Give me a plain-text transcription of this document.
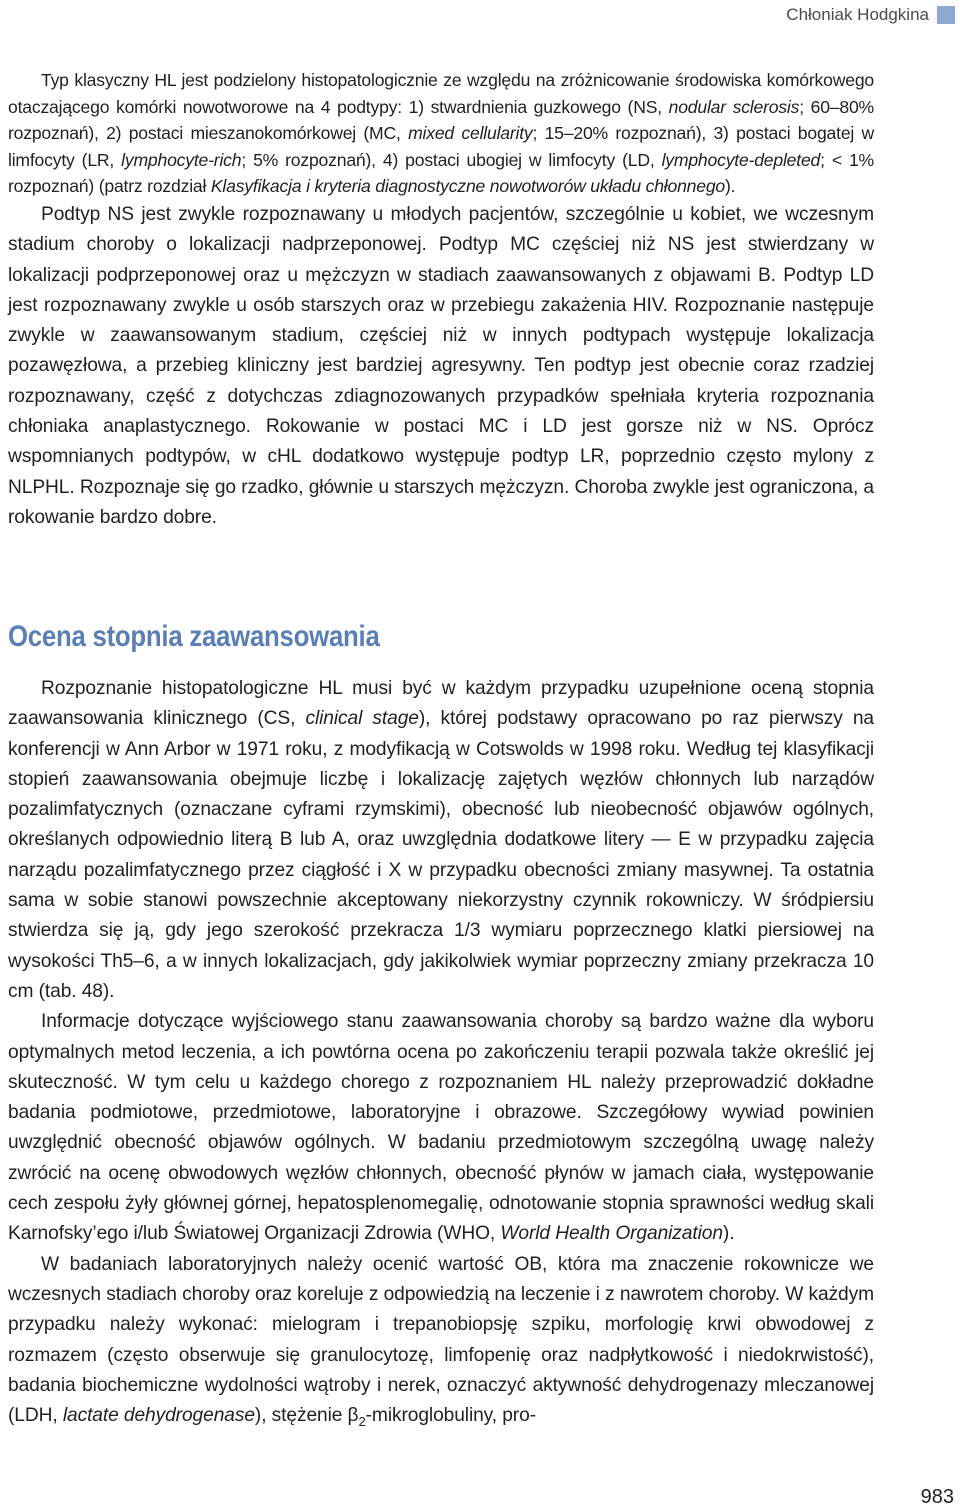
Chłoniak Hodgkina

Typ klasyczny HL jest podzielony histopatologicznie ze względu na zróżnicowanie środowiska komórkowego otaczającego komórki nowotworowe na 4 podtypy: 1) stwardnienia guzkowego (NS, nodular sclerosis; 60–80% rozpoznań), 2) postaci mieszanokomórkowej (MC, mixed cellularity; 15–20% rozpoznań), 3) postaci bogatej w limfocyty (LR, lymphocyte-rich; 5% rozpoznań), 4) postaci ubogiej w limfocyty (LD, lymphocyte-depleted; < 1% rozpoznań) (patrz rozdział Klasyfikacja i kryteria diagnostyczne nowotworów układu chłonnego).

Podtyp NS jest zwykle rozpoznawany u młodych pacjentów, szczególnie u kobiet, we wczesnym stadium choroby o lokalizacji nadprzeponowej. Podtyp MC częściej niż NS jest stwierdzany w lokalizacji podprzeponowej oraz u mężczyzn w stadiach zaawansowanych z objawami B. Podtyp LD jest rozpoznawany zwykle u osób starszych oraz w przebiegu zakażenia HIV. Rozpoznanie następuje zwykle w zaawansowanym stadium, częściej niż w innych podtypach występuje lokalizacja pozawęzłowa, a przebieg kliniczny jest bardziej agresywny. Ten podtyp jest obecnie coraz rzadziej rozpoznawany, część z dotychczas zdiagnozowanych przypadków spełniała kryteria rozpoznania chłoniaka anaplastycznego. Rokowanie w postaci MC i LD jest gorsze niż w NS. Oprócz wspomnianych podtypów, w cHL dodatkowo występuje podtyp LR, poprzednio często mylony z NLPHL. Rozpoznaje się go rzadko, głównie u starszych mężczyzn. Choroba zwykle jest ograniczona, a rokowanie bardzo dobre.

Ocena stopnia zaawansowania

Rozpoznanie histopatologiczne HL musi być w każdym przypadku uzupełnione oceną stopnia zaawansowania klinicznego (CS, clinical stage), której podstawy opracowano po raz pierwszy na konferencji w Ann Arbor w 1971 roku, z modyfikacją w Cotswolds w 1998 roku. Według tej klasyfikacji stopień zaawansowania obejmuje liczbę i lokalizację zajętych węzłów chłonnych lub narządów pozalimfatycznych (oznaczane cyframi rzymskimi), obecność lub nieobecność objawów ogólnych, określanych odpowiednio literą B lub A, oraz uwzględnia dodatkowe litery — E w przypadku zajęcia narządu pozalimfatycznego przez ciągłość i X w przypadku obecności zmiany masywnej. Ta ostatnia sama w sobie stanowi powszechnie akceptowany niekorzystny czynnik rokowniczy. W śródpiersiu stwierdza się ją, gdy jego szerokość przekracza 1/3 wymiaru poprzecznego klatki piersiowej na wysokości Th5–6, a w innych lokalizacjach, gdy jakikolwiek wymiar poprzeczny zmiany przekracza 10 cm (tab. 48).

Informacje dotyczące wyjściowego stanu zaawansowania choroby są bardzo ważne dla wyboru optymalnych metod leczenia, a ich powtórna ocena po zakończeniu terapii pozwala także określić jej skuteczność. W tym celu u każdego chorego z rozpoznaniem HL należy przeprowadzić dokładne badania podmiotowe, przedmiotowe, laboratoryjne i obrazowe. Szczegółowy wywiad powinien uwzględnić obecność objawów ogólnych. W badaniu przedmiotowym szczególną uwagę należy zwrócić na ocenę obwodowych węzłów chłonnych, obecność płynów w jamach ciała, występowanie cech zespołu żyły głównej górnej, hepatosplenomegalię, odnotowanie stopnia sprawności według skali Karnofsky’ego i/lub Światowej Organizacji Zdrowia (WHO, World Health Organization).

W badaniach laboratoryjnych należy ocenić wartość OB, która ma znaczenie rokownicze we wczesnych stadiach choroby oraz koreluje z odpowiedzią na leczenie i z nawrotem choroby. W każdym przypadku należy wykonać: mielogram i trepanobiopsję szpiku, morfologię krwi obwodowej z rozmazem (często obserwuje się granulocytozę, limfopenię oraz nadpłytkowość i niedokrwistość), badania biochemiczne wydolności wątroby i nerek, oznaczyć aktywność dehydrogenazy mleczanowej (LDH, lactate dehydrogenase), stężenie $\beta_2$-mikroglobuliny, pro-

983
